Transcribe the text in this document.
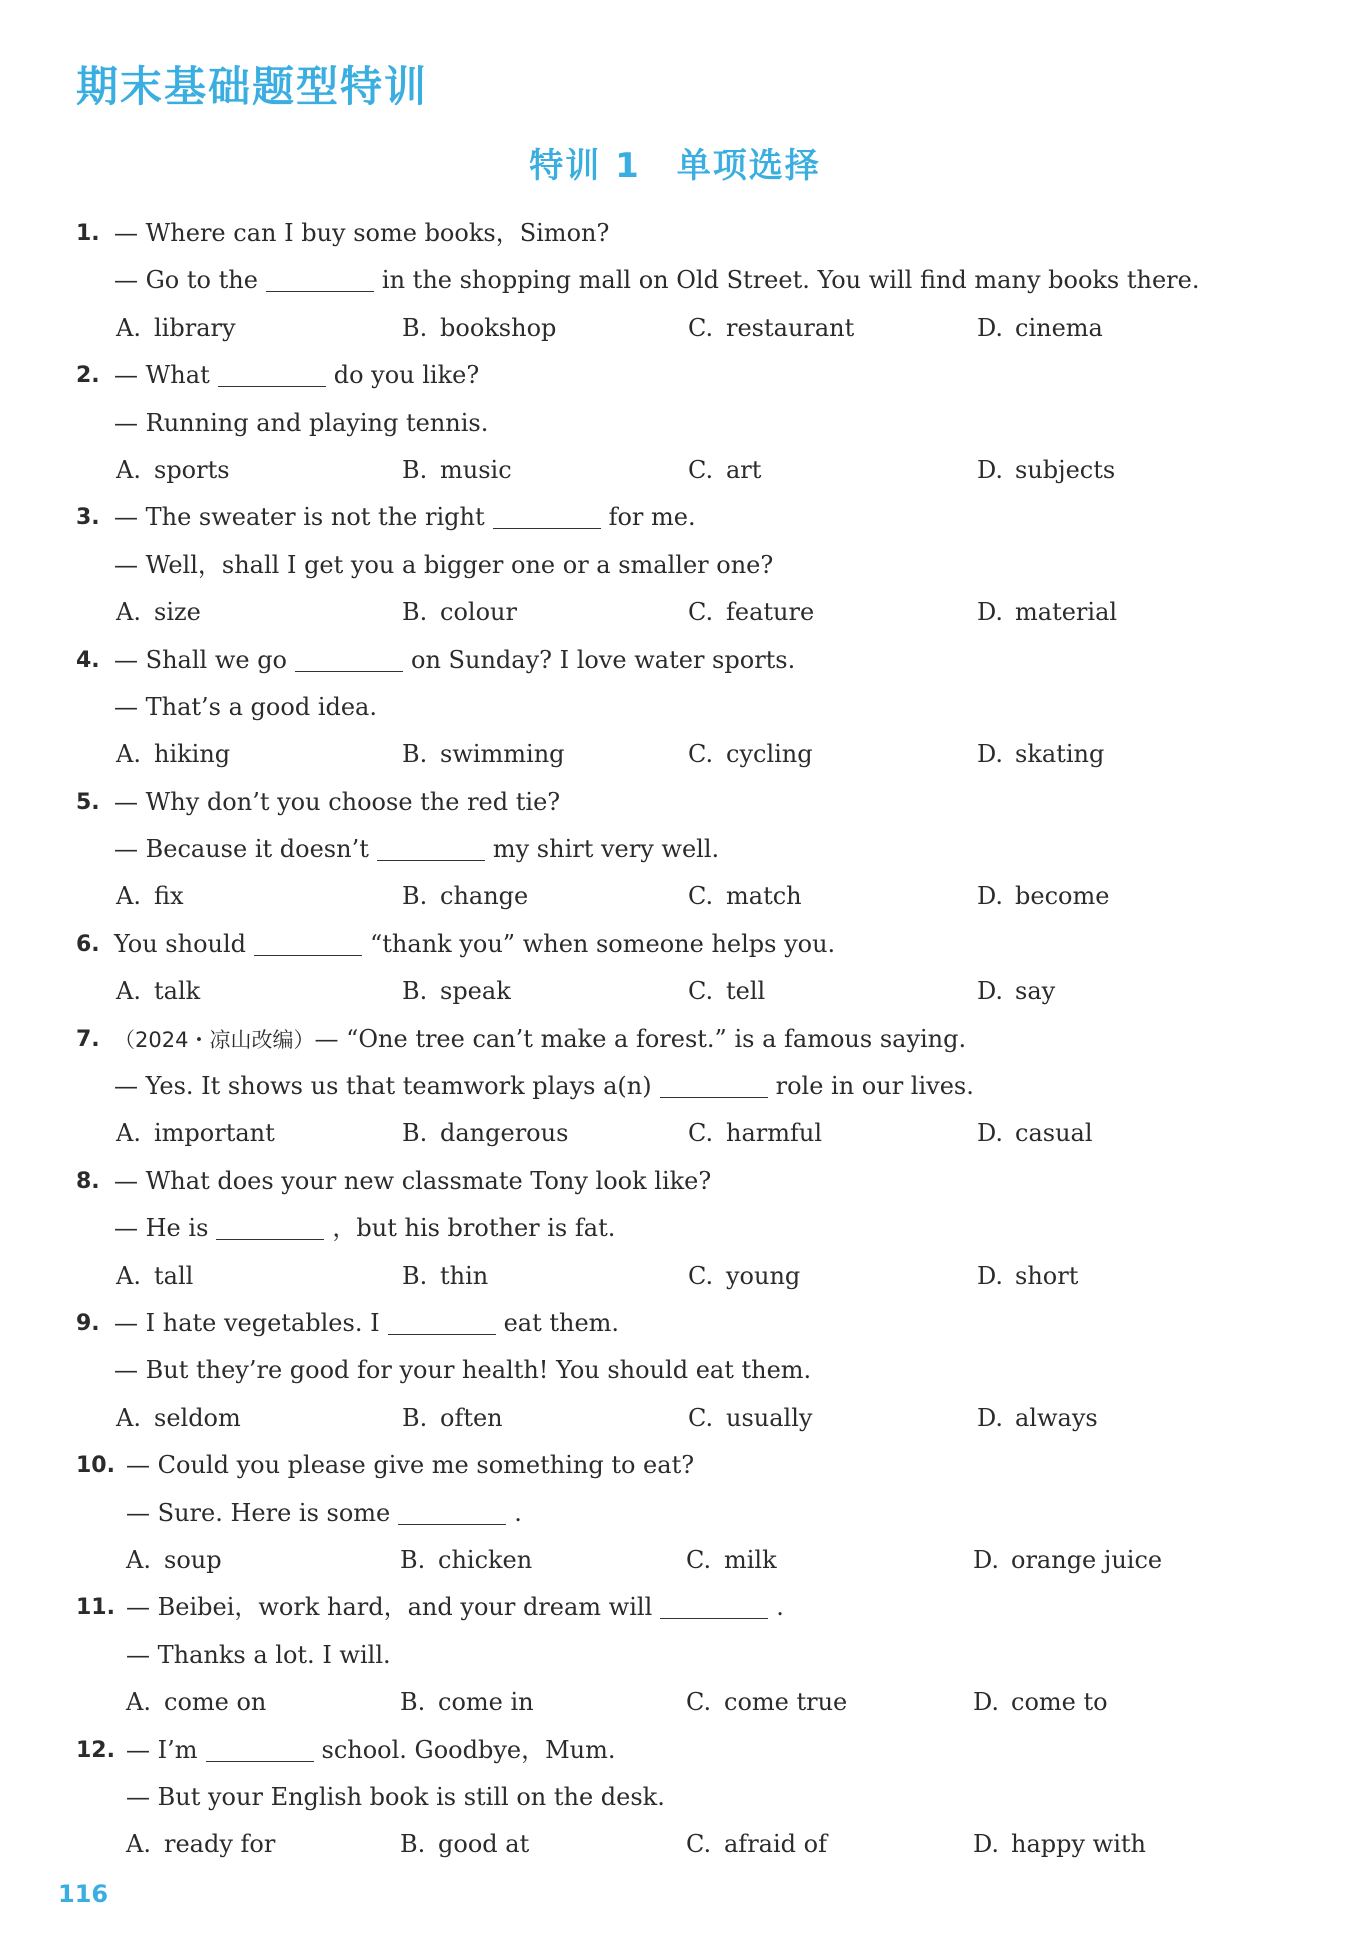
期末基础题型特训
特训 1　单项选择
1. — Where can I buy some books，Simon?
— Go to the	in the shopping mall on Old Street. You will find many books there.
A. library	B. bookshop	C. restaurant	D. cinema
2. — What	do you like?
— Running and playing tennis.
A. sports	B. music	C. art	D. subjects
3. — The sweater is not the right	for me.
— Well，shall I get you a bigger one or a smaller one?
A. size	B. colour	C. feature	D. material
4. — Shall we go	on Sunday? I love water sports.
— That’s a good idea.
A. hiking	B. swimming	C. cycling	D. skating
5. — Why don’t you choose the red tie?
— Because it doesn’t	my shirt very well.
A. fix	B. change	C. match	D. become
6. You should	“thank you” when someone helps you.
A. talk	B. speak	C. tell	D. say
7. （2024・凉山改编）— “One tree can’t make a forest.” is a famous saying.
— Yes. It shows us that teamwork plays a(n)	role in our lives.
A. important	B. dangerous	C. harmful	D. casual
8. — What does your new classmate Tony look like?
— He is	，but his brother is fat.
A. tall	B. thin	C. young	D. short
9. — I hate vegetables. I	eat them.
— But they’re good for your health! You should eat them.
A. seldom	B. often	C. usually	D. always
10. — Could you please give me something to eat?
— Sure. Here is some	.
A. soup	B. chicken	C. milk	D. orange juice
11. — Beibei，work hard，and your dream will	.
— Thanks a lot. I will.
A. come on	B. come in	C. come true	D. come to
12. — I’m	school. Goodbye，Mum.
— But your English book is still on the desk.
A. ready for	B. good at	C. afraid of	D. happy with
116
